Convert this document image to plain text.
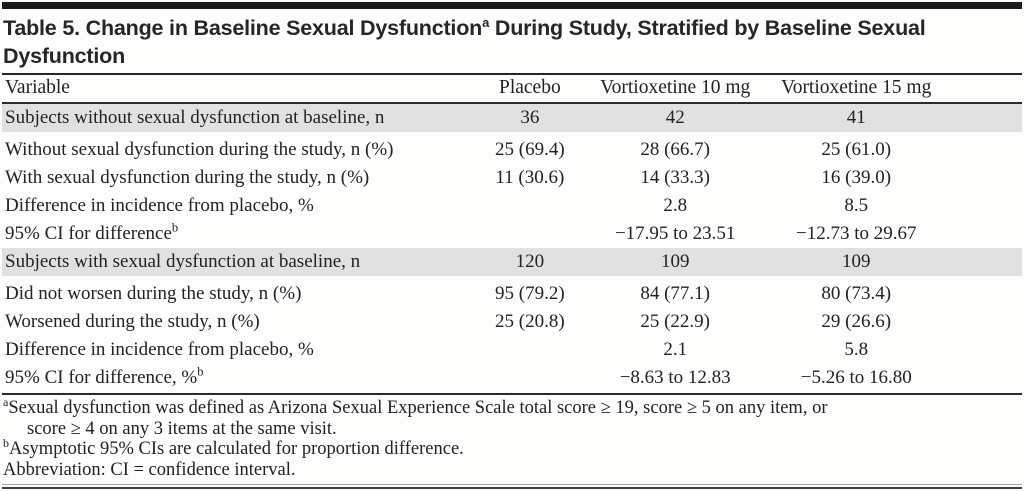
Table 5. Change in Baseline Sexual Dysfunction$^a$ During Study, Stratified by Baseline Sexual Dysfunction
Variable	Placebo	Vortioxetine 10 mg	Vortioxetine 15 mg	
Subjects without sexual dysfunction at baseline, n	36	42	41	
Without sexual dysfunction during the study, n (%)	25 (69.4)	28 (66.7)	25 (61.0)	
With sexual dysfunction during the study, n (%)	11 (30.6)	14 (33.3)	16 (39.0)	
Difference in incidence from placebo, %		2.8	8.5	
95% CI for difference$^b$		−17.95 to 23.51	−12.73 to 29.67	
Subjects with sexual dysfunction at baseline, n	120	109	109	
Did not worsen during the study, n (%)	95 (79.2)	84 (77.1)	80 (73.4)	
Worsened during the study, n (%)	25 (20.8)	25 (22.9)	29 (26.6)	
Difference in incidence from placebo, %		2.1	5.8	
95% CI for difference, %$^b$		−8.63 to 12.83	−5.26 to 16.80	
$^a$Sexual dysfunction was defined as Arizona Sexual Experience Scale total score ≥ 19, score ≥ 5 on any item, or
score ≥ 4 on any 3 items at the same visit.
$^b$Asymptotic 95% CIs are calculated for proportion difference.
Abbreviation: CI = confidence interval.
